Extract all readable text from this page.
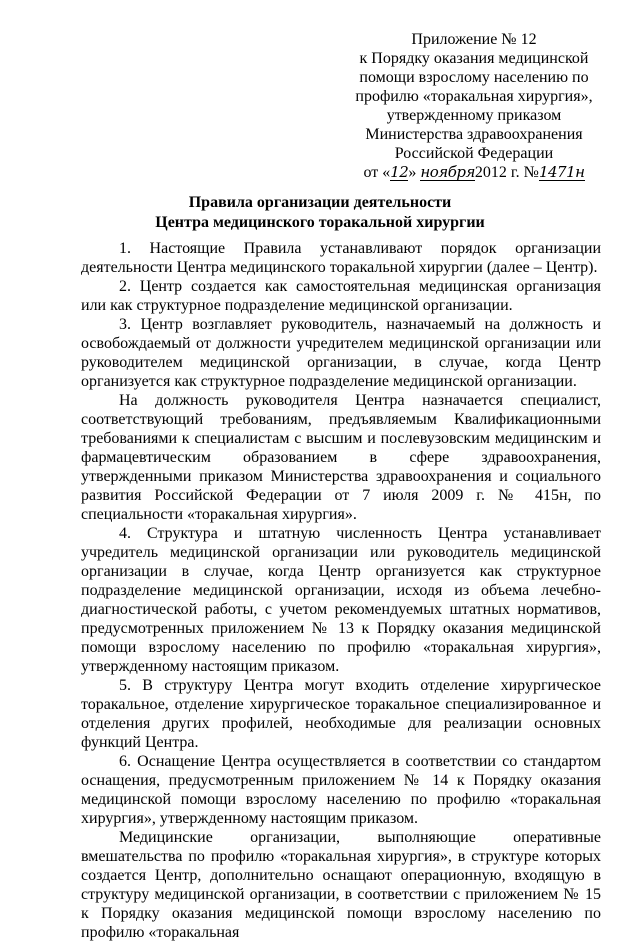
Приложение № 12
к Порядку оказания медицинской
помощи взрослому населению по
профилю «торакальная хирургия»,
утвержденному приказом
Министерства здравоохранения
Российской Федерации
от «12» ноября2012 г. №1471н
Правила организации деятельности
Центра медицинского торакальной хирургии

1. Настоящие Правила устанавливают порядок организации деятельности Центра медицинского торакальной хирургии (далее – Центр).

2. Центр создается как самостоятельная медицинская организация или как структурное подразделение медицинской организации.

3. Центр возглавляет руководитель, назначаемый на должность и освобождаемый от должности учредителем медицинской организации или руководителем медицинской организации, в случае, когда Центр организуется как структурное подразделение медицинской организации.

На должность руководителя Центра назначается специалист, соответствующий требованиям, предъявляемым Квалификационными требованиями к специалистам с высшим и послевузовским медицинским и фармацевтическим образованием в сфере здравоохранения, утвержденными приказом Министерства здравоохранения и социального развития Российской Федерации от 7 июля 2009 г. № 415н, по специальности «торакальная хирургия».

4. Структура и штатную численность Центра устанавливает учредитель медицинской организации или руководитель медицинской организации в случае, когда Центр организуется как структурное подразделение медицинской организации, исходя из объема лечебно-диагностической работы, с учетом рекомендуемых штатных нормативов, предусмотренных приложением № 13 к Порядку оказания медицинской помощи взрослому населению по профилю «торакальная хирургия», утвержденному настоящим приказом.

5. В структуру Центра могут входить отделение хирургическое торакальное, отделение хирургическое торакальное специализированное и отделения других профилей, необходимые для реализации основных функций Центра.

6. Оснащение Центра осуществляется в соответствии со стандартом оснащения, предусмотренным приложением № 14 к Порядку оказания медицинской помощи взрослому населению по профилю «торакальная хирургия», утвержденному настоящим приказом.

Медицинские организации, выполняющие оперативные вмешательства по профилю «торакальная хирургия», в структуре которых создается Центр, дополнительно оснащают операционную, входящую в структуру медицинской организации, в соответствии с приложением № 15 к Порядку оказания медицинской помощи взрослому населению по профилю «торакальная
